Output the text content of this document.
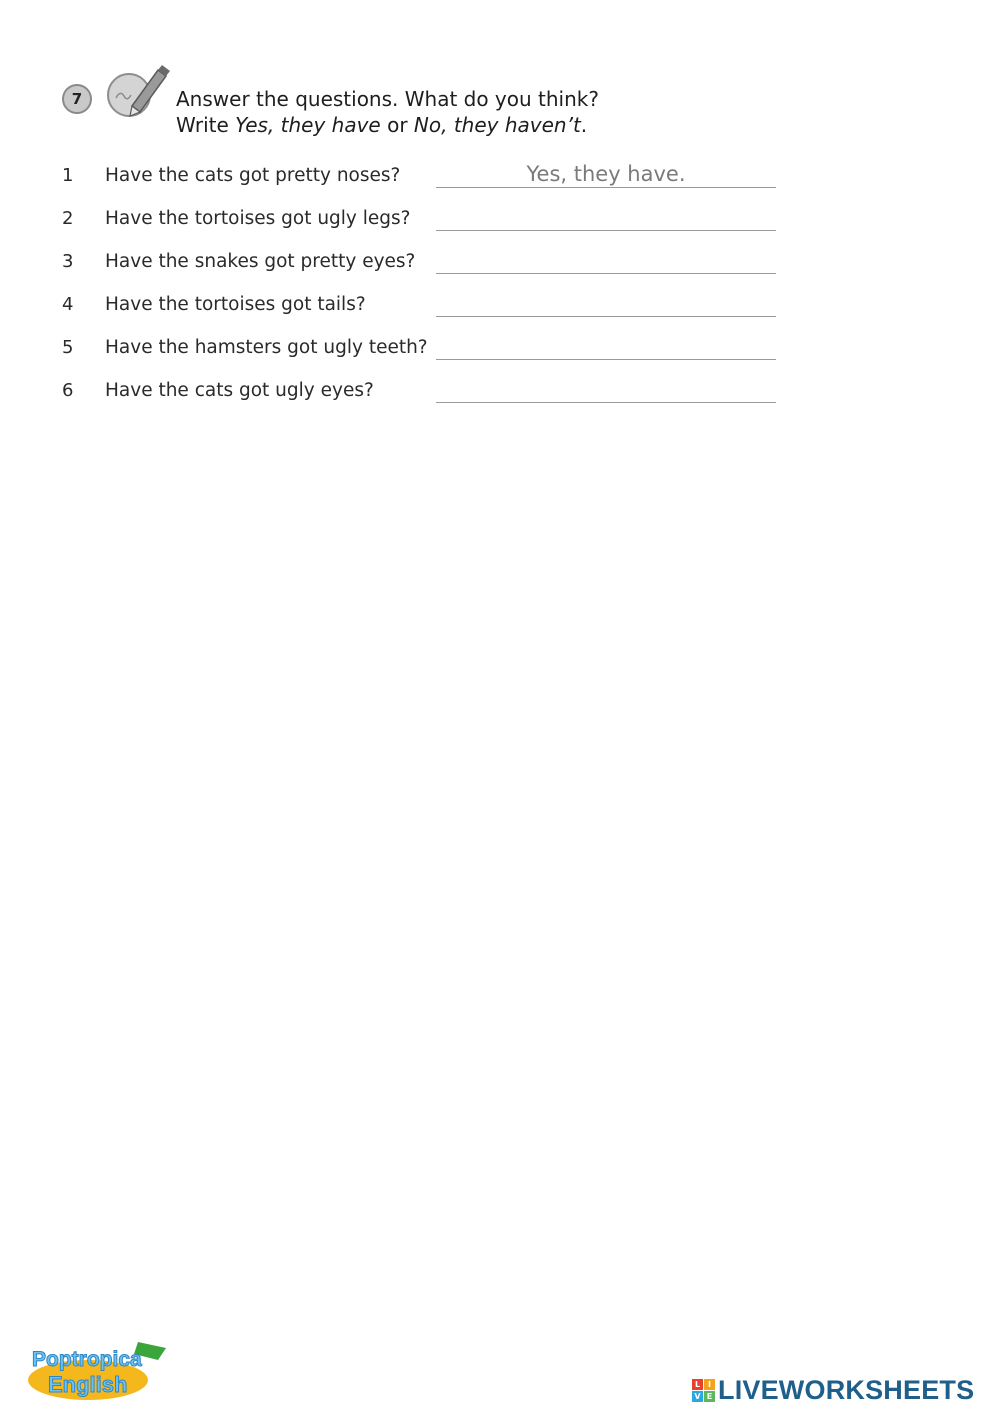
7	Answer the questions. What do you think?
Write Yes, they have or No, they haven’t.
1 Have the cats got pretty noses?
Yes, they have.
2 Have the tortoises got ugly legs?
3 Have the snakes got pretty eyes?
4 Have the tortoises got tails?
5 Have the hamsters got ugly teeth?
6 Have the cats got ugly eyes?
Poptropica
English	L I
V E LIVEWORKSHEETS
